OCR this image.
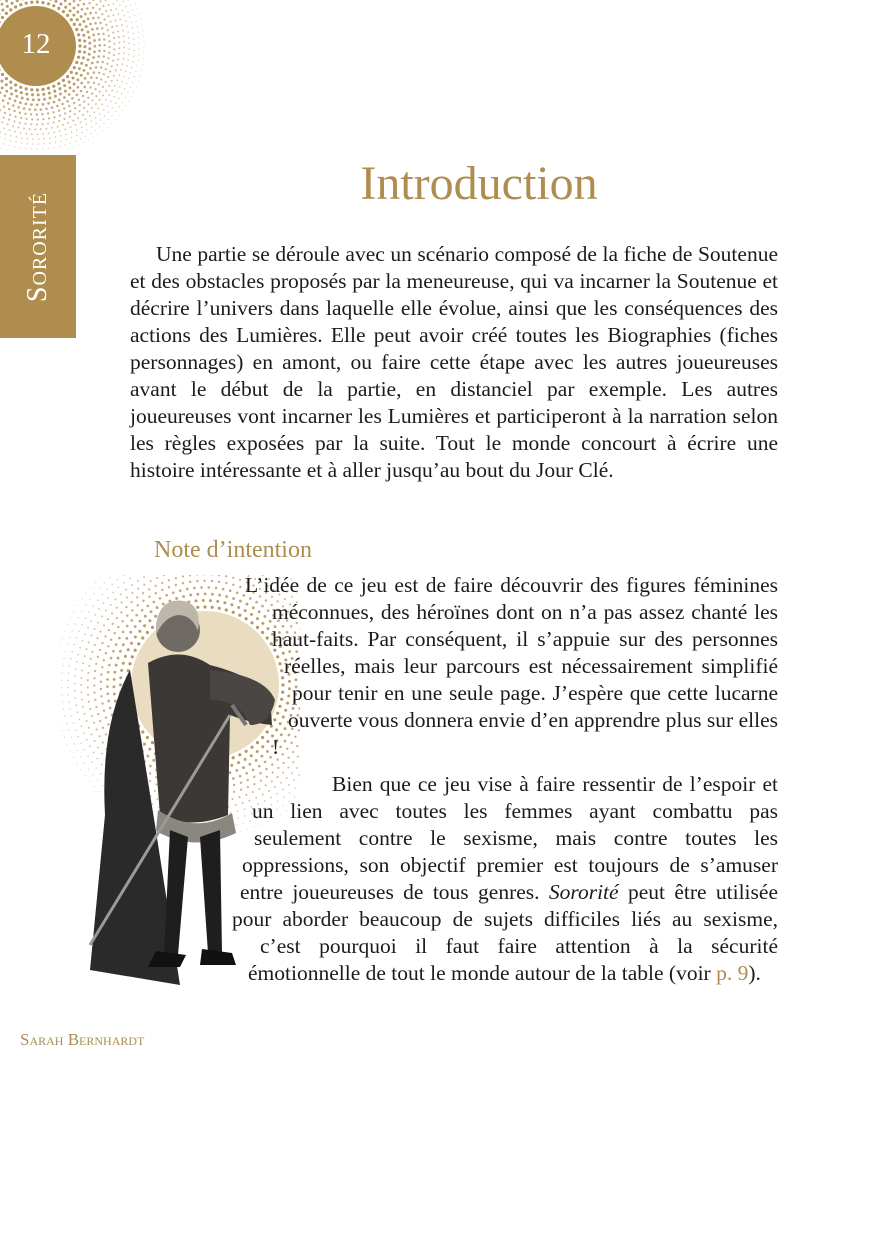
12
Sororité
Introduction

Une partie se déroule avec un scénario composé de la fiche de Soutenue et des obstacles proposés par la meneureuse, qui va incarner la Soutenue et décrire l’univers dans laquelle elle évolue, ainsi que les conséquences des actions des Lumières. Elle peut avoir créé toutes les Biographies (fiches personnages) en amont, ou faire cette étape avec les autres joueureuses avant le début de la partie, en distanciel par exemple. Les autres joueureuses vont incarner les Lumières et participeront à la narration selon les règles exposées par la suite. Tout le monde concourt à écrire une histoire intéressante et à aller jusqu’au bout du Jour Clé.

Note d’intention

L’idée de ce jeu est de faire découvrir des figures féminines méconnues, des héroïnes dont on n’a pas assez chanté les haut-faits. Par conséquent, il s’appuie sur des personnes réelles, mais leur parcours est nécessairement simplifié pour tenir en une seule page. J’espère que cette lucarne ouverte vous donnera envie d’en apprendre plus sur elles !

Bien que ce jeu vise à faire ressentir de l’espoir et un lien avec toutes les femmes ayant combattu pas seulement contre le sexisme, mais contre toutes les oppressions, son objectif premier est toujours de s’amuser entre joueureuses de tous genres. Sororité peut être utilisée pour aborder beaucoup de sujets difficiles liés au sexisme, c’est pourquoi il faut faire attention à la sécurité émotionnelle de tout le monde autour de la table (voir p. 9).

Sarah Bernhardt
